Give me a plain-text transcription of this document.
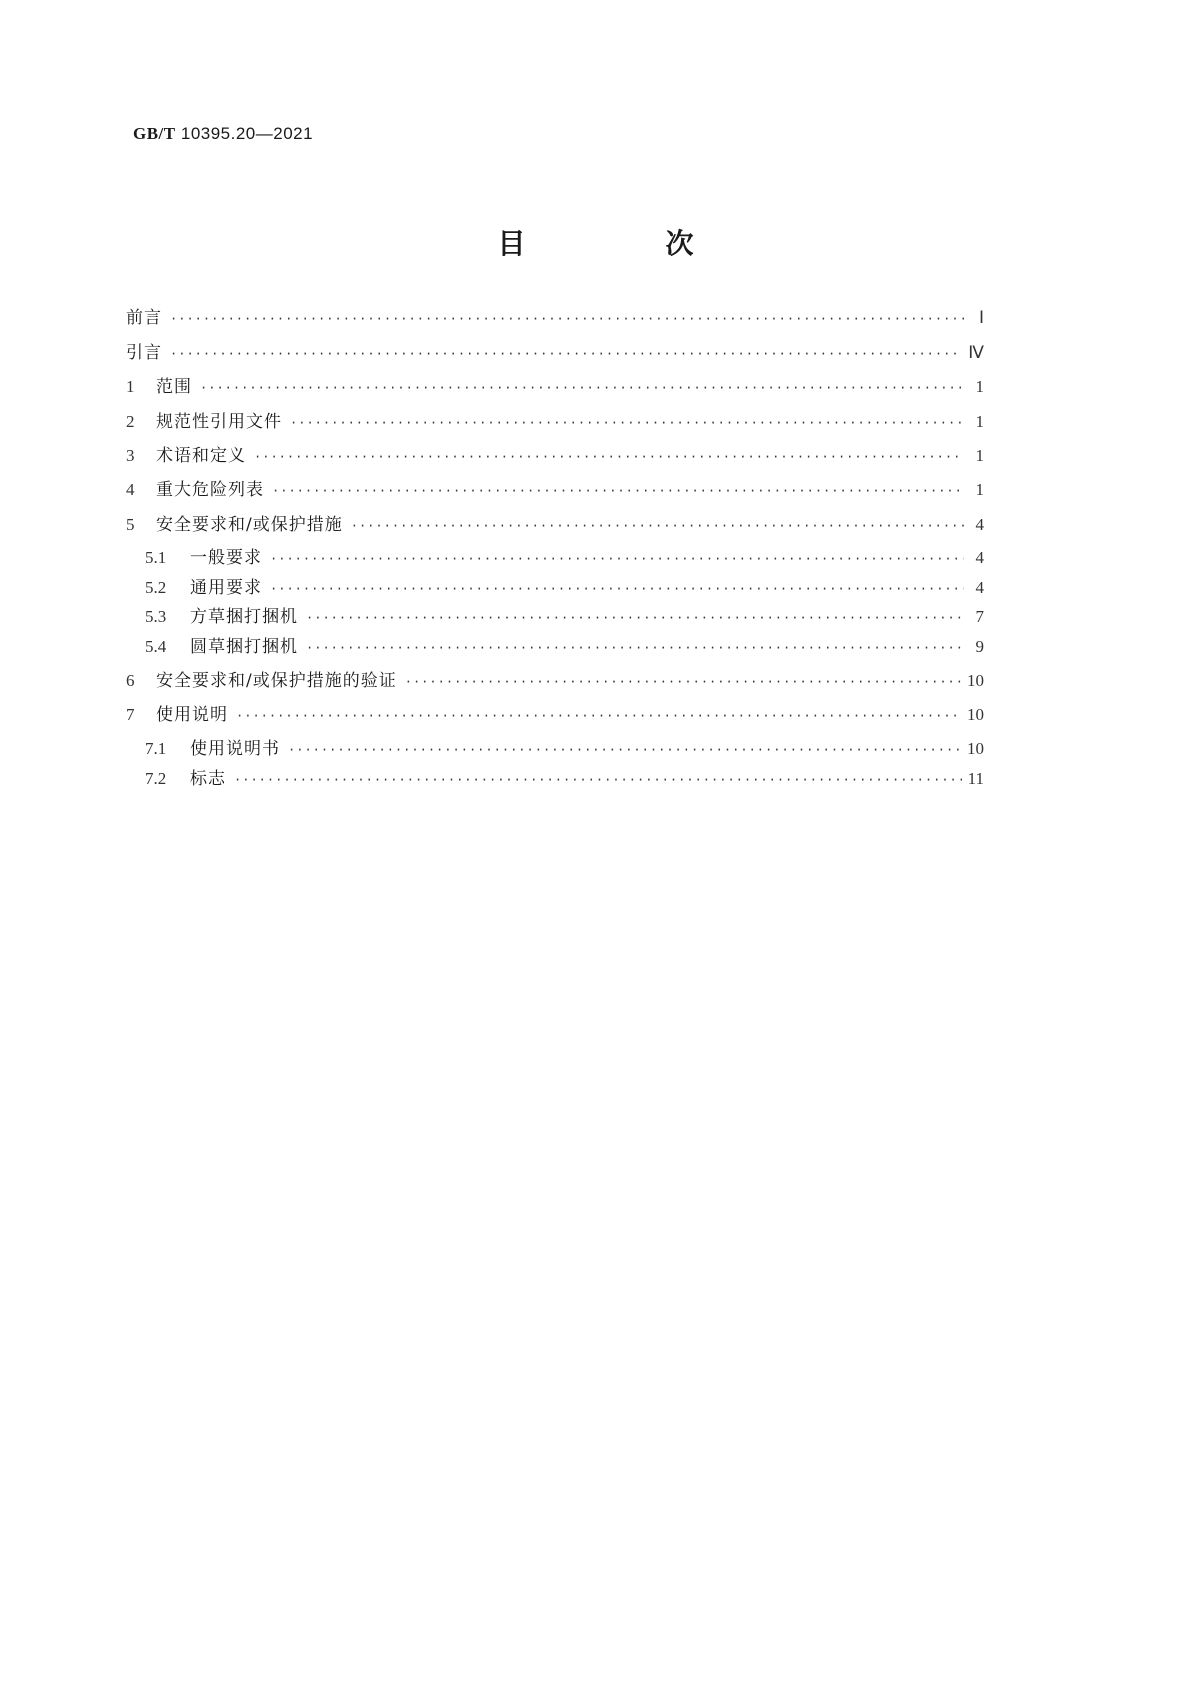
GB/T 10395.20—2021
目　次
前言 ·····	Ⅰ
引言 ·····	Ⅳ
1	范围 ·····	1
2	规范性引用文件 ·····	1
3	术语和定义 ·····	1
4	重大危险列表 ·····	1
5	安全要求和/或保护措施 ·····	4
5.1	一般要求 ·····	4
5.2	通用要求 ·····	4
5.3	方草捆打捆机 ·····	7
5.4	圆草捆打捆机 ·····	9
6	安全要求和/或保护措施的验证 ·····	10
7	使用说明 ·····	10
7.1	使用说明书 ·····	10
7.2	标志 ·····	11
